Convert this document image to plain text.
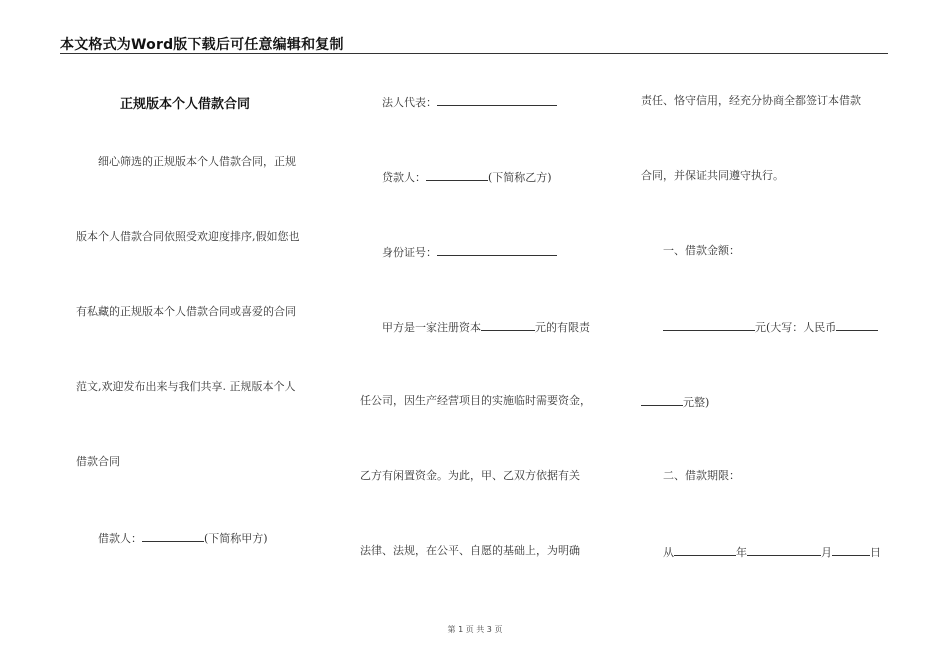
本文格式为Word版下载后可任意编辑和复制
正规版本个人借款合同
细心筛选的正规版本个人借款合同，正规
版本个人借款合同依照受欢迎度排序,假如您也
有私藏的正规版本个人借款合同或喜爱的合同
范文,欢迎发布出来与我们共享. 正规版本个人
借款合同
借款人：	(下简称甲方)
法人代表：
贷款人：	(下简称乙方)
身份证号：
甲方是一家注册资本	元的有限责
任公司，因生产经营项目的实施临时需要资金，
乙方有闲置资金。为此，甲、乙双方依据有关
法律、法规，在公平、自愿的基础上，为明确
责任、恪守信用，经充分协商全都签订本借款
合同，并保证共同遵守执行。
一、借款金额：
元(大写：人民币
元整)
二、借款期限：
从	年	月	日
第 1 页 共 3 页
